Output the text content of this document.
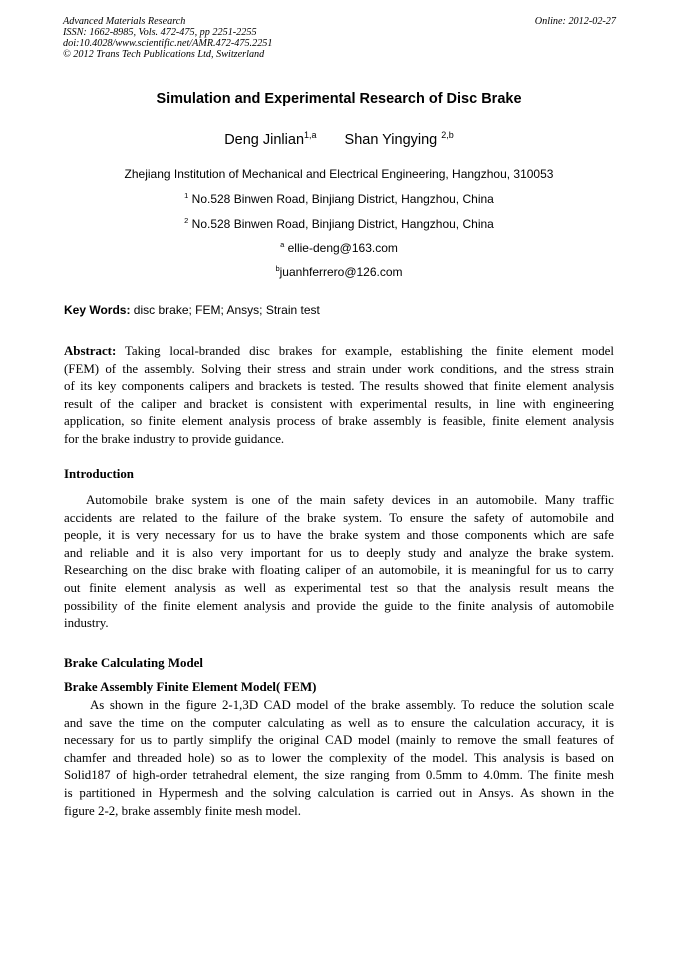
Advanced Materials Research
ISSN: 1662-8985, Vols. 472-475, pp 2251-2255
doi:10.4028/www.scientific.net/AMR.472-475.2251
© 2012 Trans Tech Publications Ltd, Switzerland
Online: 2012-02-27
Simulation and Experimental Research of Disc Brake
Deng Jinlian$^{1,a}$ Shan Yingying $^{2,b}$
Zhejiang Institution of Mechanical and Electrical Engineering, Hangzhou, 310053
$^1$ No.528 Binwen Road, Binjiang District, Hangzhou, China
$^2$ No.528 Binwen Road, Binjiang District, Hangzhou, China
$^a$ ellie-deng@163.com
$^b$juanhferrero@126.com
Key Words: disc brake; FEM; Ansys; Strain test
Abstract: Taking local-branded disc brakes for example, establishing the finite element model
(FEM) of the assembly. Solving their stress and strain under work conditions, and the stress strain
of its key components calipers and brackets is tested. The results showed that finite element analysis
result of the caliper and bracket is consistent with experimental results, in line with engineering
application, so finite element analysis process of brake assembly is feasible, finite element analysis
for the brake industry to provide guidance.
Introduction
Automobile brake system is one of the main safety devices in an automobile. Many traffic
accidents are related to the failure of the brake system. To ensure the safety of automobile and
people, it is very necessary for us to have the brake system and those components which are safe
and reliable and it is also very important for us to deeply study and analyze the brake system.
Researching on the disc brake with floating caliper of an automobile, it is meaningful for us to carry
out finite element analysis as well as experimental test so that the analysis result means the
possibility of the finite element analysis and provide the guide to the finite analysis of automobile
industry.
Brake Calculating Model
Brake Assembly Finite Element Model( FEM)
As shown in the figure 2-1,3D CAD model of the brake assembly. To reduce the solution scale
and save the time on the computer calculating as well as to ensure the calculation accuracy, it is
necessary for us to partly simplify the original CAD model (mainly to remove the small features of
chamfer and threaded hole) so as to lower the complexity of the model. This analysis is based on
Solid187 of high-order tetrahedral element, the size ranging from 0.5mm to 4.0mm. The finite mesh
is partitioned in Hypermesh and the solving calculation is carried out in Ansys. As shown in the
figure 2-2, brake assembly finite mesh model.
